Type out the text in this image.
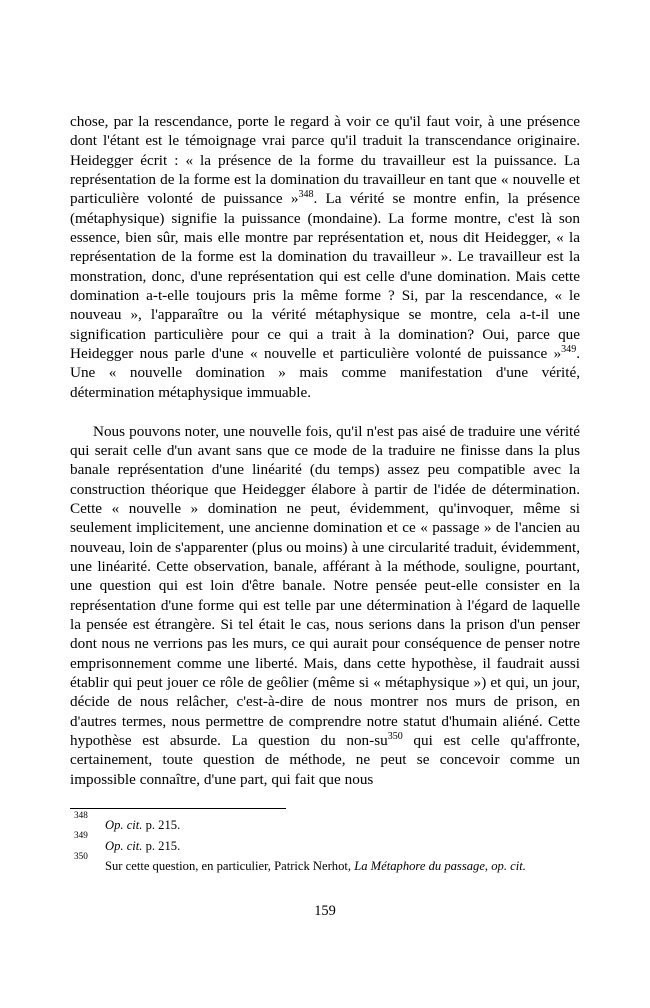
chose, par la rescendance, porte le regard à voir ce qu'il faut voir, à une présence dont l'étant est le témoignage vrai parce qu'il traduit la transcendance originaire. Heidegger écrit : « la présence de la forme du travailleur est la puissance. La représentation de la forme est la domination du travailleur en tant que « nouvelle et particulière volonté de puissance »$^{348}$. La vérité se montre enfin, la présence (métaphysique) signifie la puissance (mondaine). La forme montre, c'est là son essence, bien sûr, mais elle montre par représentation et, nous dit Heidegger, « la représentation de la forme est la domination du travailleur ». Le travailleur est la monstration, donc, d'une représentation qui est celle d'une domination. Mais cette domination a-t-elle toujours pris la même forme ? Si, par la rescendance, « le nouveau », l'apparaître ou la vérité métaphysique se montre, cela a-t-il une signification particulière pour ce qui a trait à la domination? Oui, parce que Heidegger nous parle d'une « nouvelle et particulière volonté de puissance »$^{349}$. Une « nouvelle domination » mais comme manifestation d'une vérité, détermination métaphysique immuable.

Nous pouvons noter, une nouvelle fois, qu'il n'est pas aisé de traduire une vérité qui serait celle d'un avant sans que ce mode de la traduire ne finisse dans la plus banale représentation d'une linéarité (du temps) assez peu compatible avec la construction théorique que Heidegger élabore à partir de l'idée de détermination. Cette « nouvelle » domination ne peut, évidemment, qu'invoquer, même si seulement implicitement, une ancienne domination et ce « passage » de l'ancien au nouveau, loin de s'apparenter (plus ou moins) à une circularité traduit, évidemment, une linéarité. Cette observation, banale, afférant à la méthode, souligne, pourtant, une question qui est loin d'être banale. Notre pensée peut-elle consister en la représentation d'une forme qui est telle par une détermination à l'égard de laquelle la pensée est étrangère. Si tel était le cas, nous serions dans la prison d'un penser dont nous ne verrions pas les murs, ce qui aurait pour conséquence de penser notre emprisonnement comme une liberté. Mais, dans cette hypothèse, il faudrait aussi établir qui peut jouer ce rôle de geôlier (même si « métaphysique ») et qui, un jour, décide de nous relâcher, c'est-à-dire de nous montrer nos murs de prison, en d'autres termes, nous permettre de comprendre notre statut d'humain aliéné. Cette hypothèse est absurde. La question du non-su$^{350}$ qui est celle qu'affronte, certainement, toute question de méthode, ne peut se concevoir comme un impossible connaître, d'une part, qui fait que nous

348
Op. cit. p. 215.
349
Op. cit. p. 215.
350
Sur cette question, en particulier, Patrick Nerhot, La Métaphore du passage, op. cit.
159
